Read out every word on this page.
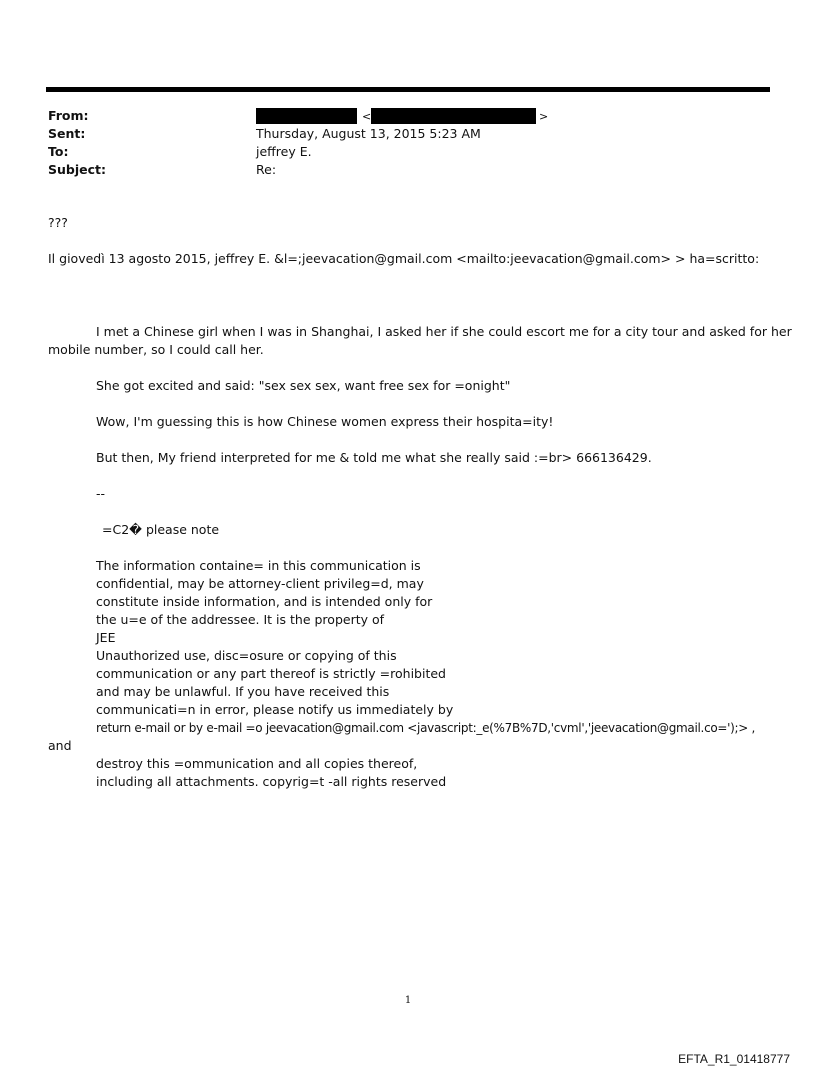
From:
Sent:
To:
Subject:
<	>
Thursday, August 13, 2015 5:23 AM
jeffrey E.
Re:
???
Il giovedì 13 agosto 2015, jeffrey E. &l=;jeevacation@gmail.com <mailto:jeevacation@gmail.com> > ha=scritto:
I met a Chinese girl when I was in Shanghai, I asked her if she could escort me for a city tour and asked for her
mobile number, so I could call her.
She got excited and said: "sex sex sex, want free sex for =onight"
Wow, I'm guessing this is how Chinese women express their hospita=ity!
But then, My friend interpreted for me & told me what she really said :=br> 666136429.
--
=C2� please note
The information containe= in this communication is
confidential, may be attorney-client privileg=d, may
constitute inside information, and is intended only for
the u=e of the addressee. It is the property of
JEE
Unauthorized use, disc=osure or copying of this
communication or any part thereof is strictly =rohibited
and may be unlawful. If you have received this
communicati=n in error, please notify us immediately by
return e-mail or by e-mail =o jeevacation@gmail.com <javascript:_e(%7B%7D,'cvml','jeevacation@gmail.co=');> ,
and
destroy this =ommunication and all copies thereof,
including all attachments. copyrig=t -all rights reserved
1
EFTA_R1_01418777
